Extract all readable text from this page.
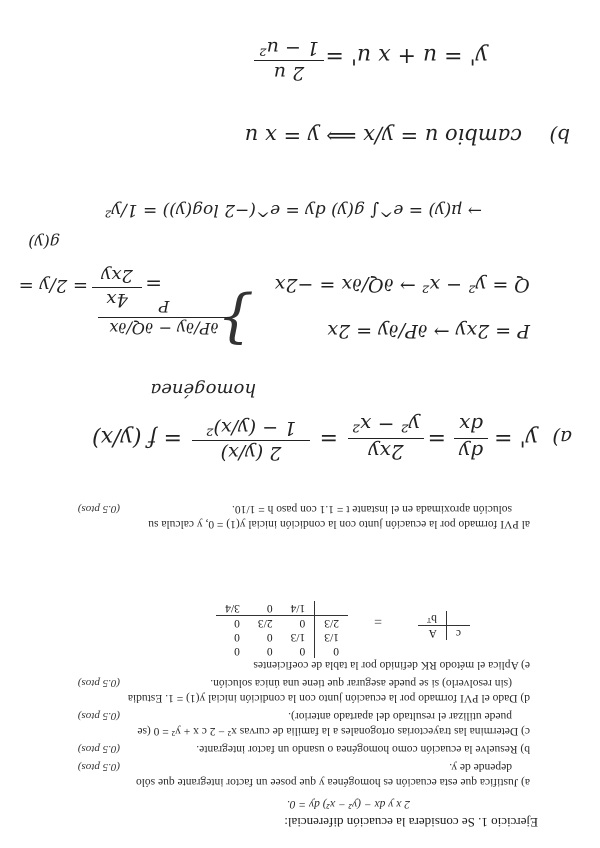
Ejercicio 1. Se considera la ecuación diferencial:
2 x y dx − (y² − x²) dy = 0.
a) Justifica que esta ecuación es homogénea y que posee un factor integrante que sólo
depende de y.
(0.5 ptos)
b) Resuelve la ecuación como homogénea o usando un factor integrante.
(0.5 ptos)
c) Determina las trayectorias ortogonales a la familia de curvas x² − 2 c x + y² = 0 (se
puede utilizar el resultado del apartado anterior).
(0.5 ptos)
d) Dado el PVI formado por la ecuación junto con la condición inicial y(1) = 1. Estudia
(sin resolverlo) si se puede asegurar que tiene una única solución.
(0.5 ptos)
e) Aplica el método RK definido por la tabla de coeficientes
c	A
	bᵀ
=
0	0	0	0
1/3	1/3	0	0
2/3	0	2/3	0
	1/4	0	3/4
al PVI formado por la ecuación junto con la condición inicial y(1) = 0, y calcula su
solución aproximada en el instante t = 1.1 con paso h = 1/10.
(0.5 ptos)
a)
y' =
dy
dx
=
2xy
y² − x²
=
2 (y/x)
1 − (y/x)²
= f (y/x)
homogénea
P = 2xy → ∂P/∂y = 2x
Q = y² − x² → ∂Q/∂x = −2x
}
∂P/∂y − ∂Q/∂x
P
=
4x
2xy
= 2/y =
g(y)
→ μ(y) = e^∫ g(y) dy = e^(−2 log(y)) = 1/y²
b)
cambio u = y/x ⟹ y = x u
y' = u + x u' =
2 u
1 − u²
